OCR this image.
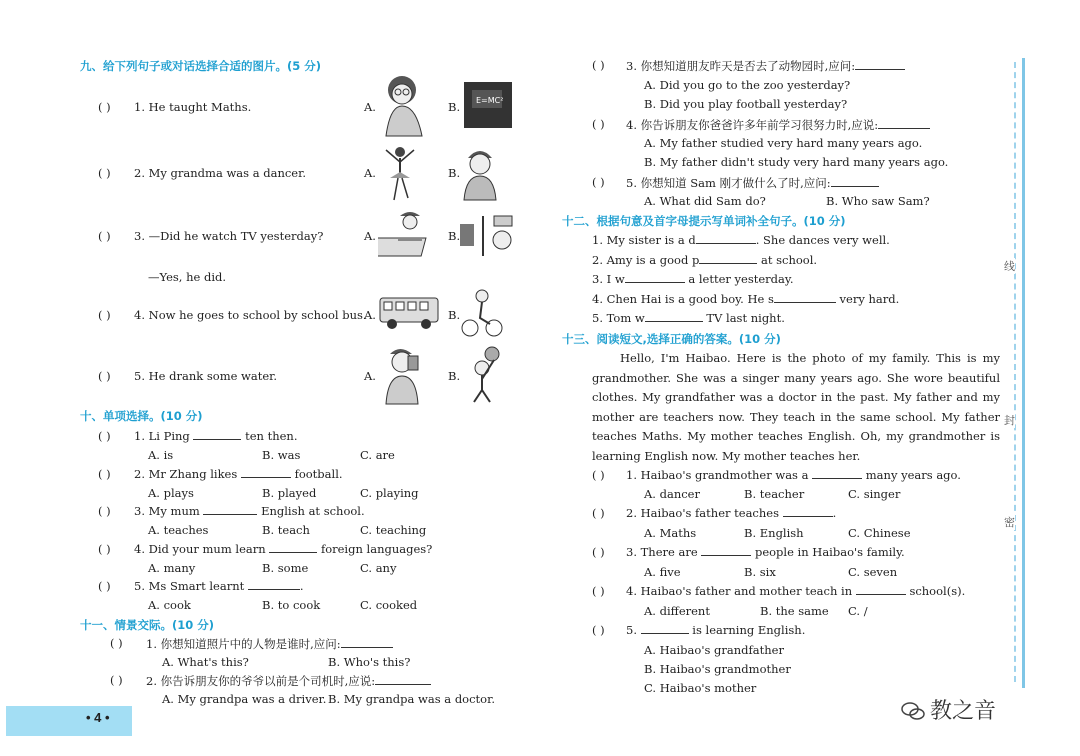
九、给下列句子或对话选择合适的图片。(5 分)
( ) 1. He taught Maths.	A.	B. E=MC²
( ) 2. My grandma was a dancer.	A.	B.
( ) 3. —Did he watch TV yesterday?	A.	B.
—Yes, he did.
( ) 4. Now he goes to school by school bus.
A.	B.
( ) 5. He drank some water.	A.	B.
十、单项选择。(10 分)
( ) 1. Li Ping	ten then.
A. is	B. was	C. are
( ) 2. Mr Zhang likes	football.
A. plays	B. played	C. playing
( ) 3. My mum	English at school.
A. teaches	B. teach	C. teaching
( ) 4. Did your mum learn	foreign languages?
A. many	B. some	C. any
( ) 5. Ms Smart learnt	.
A. cook	B. to cook	C. cooked
十一、情景交际。(10 分)
( ) 1. 你想知道照片中的人物是谁时,应问:
A. What's this?	B. Who's this?
( ) 2. 你告诉朋友你的爷爷以前是个司机时,应说:
A. My grandpa was a driver. B. My grandpa was a doctor.
• 4 •
( ) 3. 你想知道朋友昨天是否去了动物园时,应问:
A. Did you go to the zoo yesterday?
B. Did you play football yesterday?
( ) 4. 你告诉朋友你爸爸许多年前学习很努力时,应说:
A. My father studied very hard many years ago.
B. My father didn't study very hard many years ago.
( ) 5. 你想知道 Sam 刚才做什么了时,应问:
A. What did Sam do?	B. Who saw Sam?
十二、根据句意及首字母提示写单词补全句子。(10 分)
1. My sister is a d	. She dances very well.
2. Amy is a good p	at school.
3. I w	a letter yesterday.
4. Chen Hai is a good boy. He s	very hard.
5. Tom w	TV last night.
十三、阅读短文,选择正确的答案。(10 分)
Hello, I'm Haibao. Here is the photo of my family. This is my grandmother. She was a singer many years ago. She wore beautiful clothes. My grandfather was a doctor in the past. My father and my mother are teachers now. They teach in the same school. My father teaches Maths. My mother teaches English. Oh, my grandmother is learning English now. My mother teaches her.
( ) 1. Haibao's grandmother was a	many years ago.
A. dancer	B. teacher	C. singer
( ) 2. Haibao's father teaches	.
A. Maths	B. English	C. Chinese
( ) 3. There are	people in Haibao's family.
A. five	B. six	C. seven
( ) 4. Haibao's father and mother teach in	school(s).
A. different	B. the same C. /
( ) 5.	is learning English.
A. Haibao's grandfather
B. Haibao's grandmother
C. Haibao's mother
线
封
密
教之音
